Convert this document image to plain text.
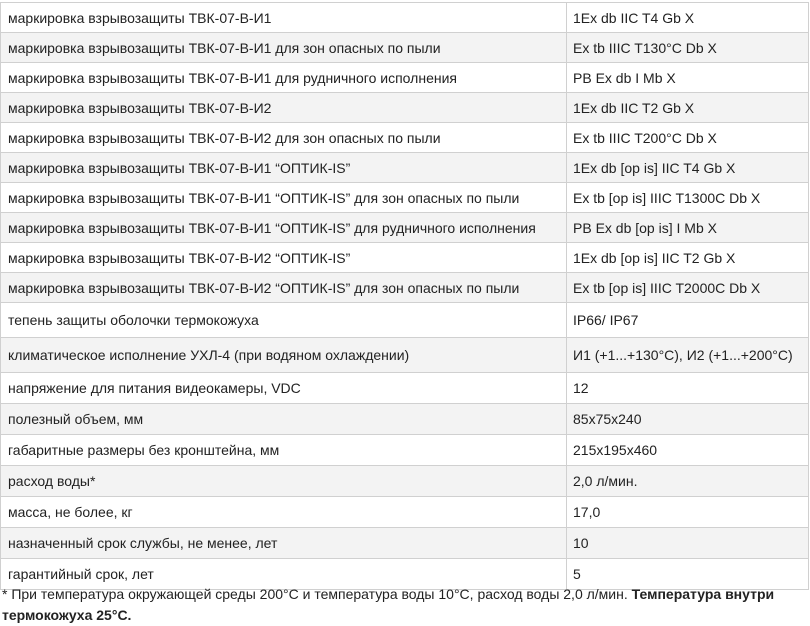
маркировка взрывозащиты ТВК-07-В-И1	1Ex db IIC T4 Gb X
маркировка взрывозащиты ТВК-07-В-И1 для зон опасных по пыли	Ex tb IIIC T130°C Db X
маркировка взрывозащиты ТВК-07-В-И1 для рудничного исполнения	PB Ex db I Mb X
маркировка взрывозащиты ТВК-07-В-И2	1Ex db IIC T2 Gb X
маркировка взрывозащиты ТВК-07-В-И2 для зон опасных по пыли	Ex tb IIIC T200°C Db X
маркировка взрывозащиты ТВК-07-В-И1 “ОПТИК-IS”	1Ex db [op is] IIC T4 Gb X
маркировка взрывозащиты ТВК-07-В-И1 “ОПТИК-IS” для зон опасных по пыли	Ex tb [op is] IIIC T1300C Db X
маркировка взрывозащиты ТВК-07-В-И1 “ОПТИК-IS” для рудничного исполнения	PB Ex db [op is] I Mb X
маркировка взрывозащиты ТВК-07-В-И2 “ОПТИК-IS”	1Ex db [op is] IIC T2 Gb X
маркировка взрывозащиты ТВК-07-В-И2 “ОПТИК-IS” для зон опасных по пыли	Ex tb [op is] IIIC T2000C Db X
тепень защиты оболочки термокожуха	IP66/ IP67
климатическое исполнение УХЛ-4 (при водяном охлаждении)	И1 (+1...+130°C), И2 (+1...+200°C)
напряжение для питания видеокамеры, VDC	12
полезный объем, мм	85x75x240
габаритные размеры без кронштейна, мм	215x195x460
расход воды*	2,0 л/мин.
масса, не более, кг	17,0
назначенный срок службы, не менее, лет	10
гарантийный срок, лет	5
* При температура окружающей среды 200°C и температура воды 10°C, расход воды 2,0 л/мин. Температура внутри термокожуха 25°C.
